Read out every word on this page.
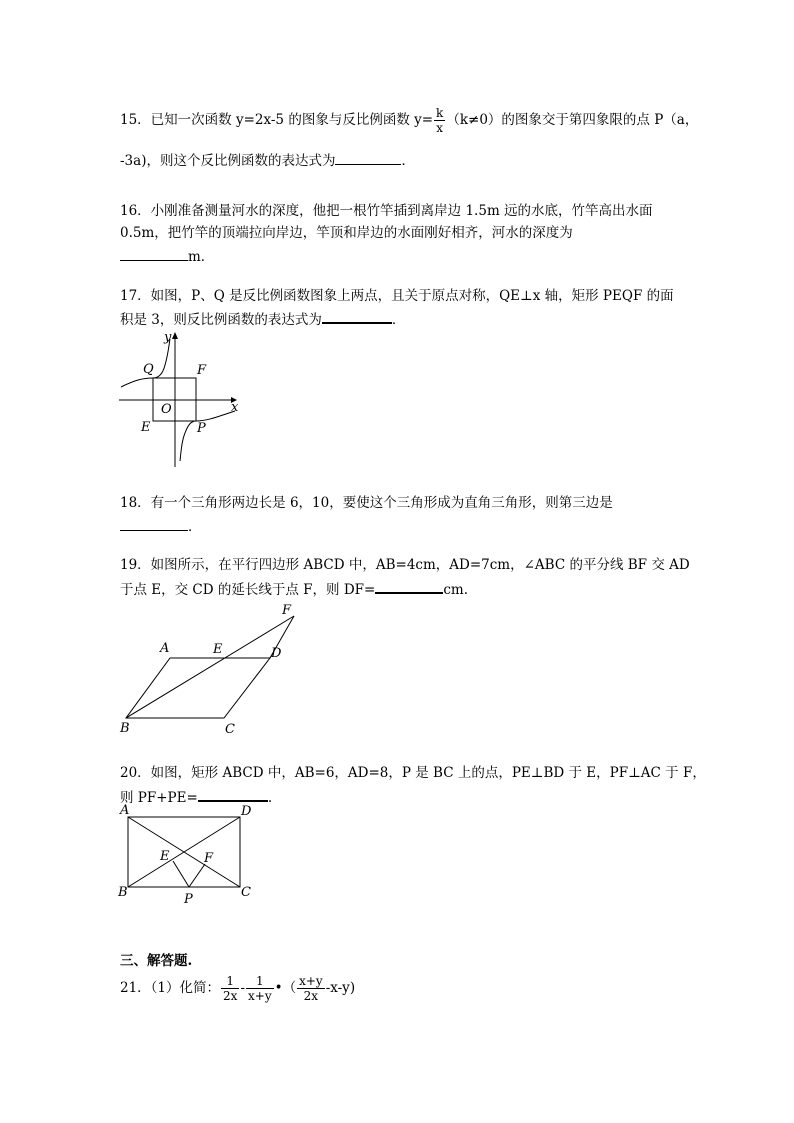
15．已知一次函数 y=2x-5 的图象与反比例函数 $y= \frac{k}{x} (k\ne 0)$的图象交于第四象限的点 P（a，
-3a)，则这个反比例函数的表达式为	．
16．小刚准备测量河水的深度，他把一根竹竿插到离岸边 1.5m 远的水底，竹竿高出水面
0.5m，把竹竿的顶端拉向岸边，竿顶和岸边的水面刚好相齐，河水的深度为
m．
17．如图，P、Q 是反比例函数图象上两点，且关于原点对称，QE⊥x 轴，矩形 PEQF 的面
积是 3，则反比例函数的表达式为	．
y
x
Q	F
O
E	P
18．有一个三角形两边长是 6，10，要使这个三角形成为直角三角形，则第三边是
．
19．如图所示，在平行四边形 ABCD 中，AB=4cm，AD=7cm，∠ABC 的平分线 BF 交 AD
于点 E，交 CD 的延长线于点 F，则 DF=	cm.
A	E	D
F
B	C
20．如图，矩形 ABCD 中，AB=6，AD=8，P 是 BC 上的点，PE⊥BD 于 E，PF⊥AC 于 F，
则 PF+PE=	.
A	D
E	F
B	C
P
三、解答题.
21．（1）化简： $\frac{1}{2x} - \frac{1}{x+y}$ •（ $\frac{x+y}{2x} -x-y$)
